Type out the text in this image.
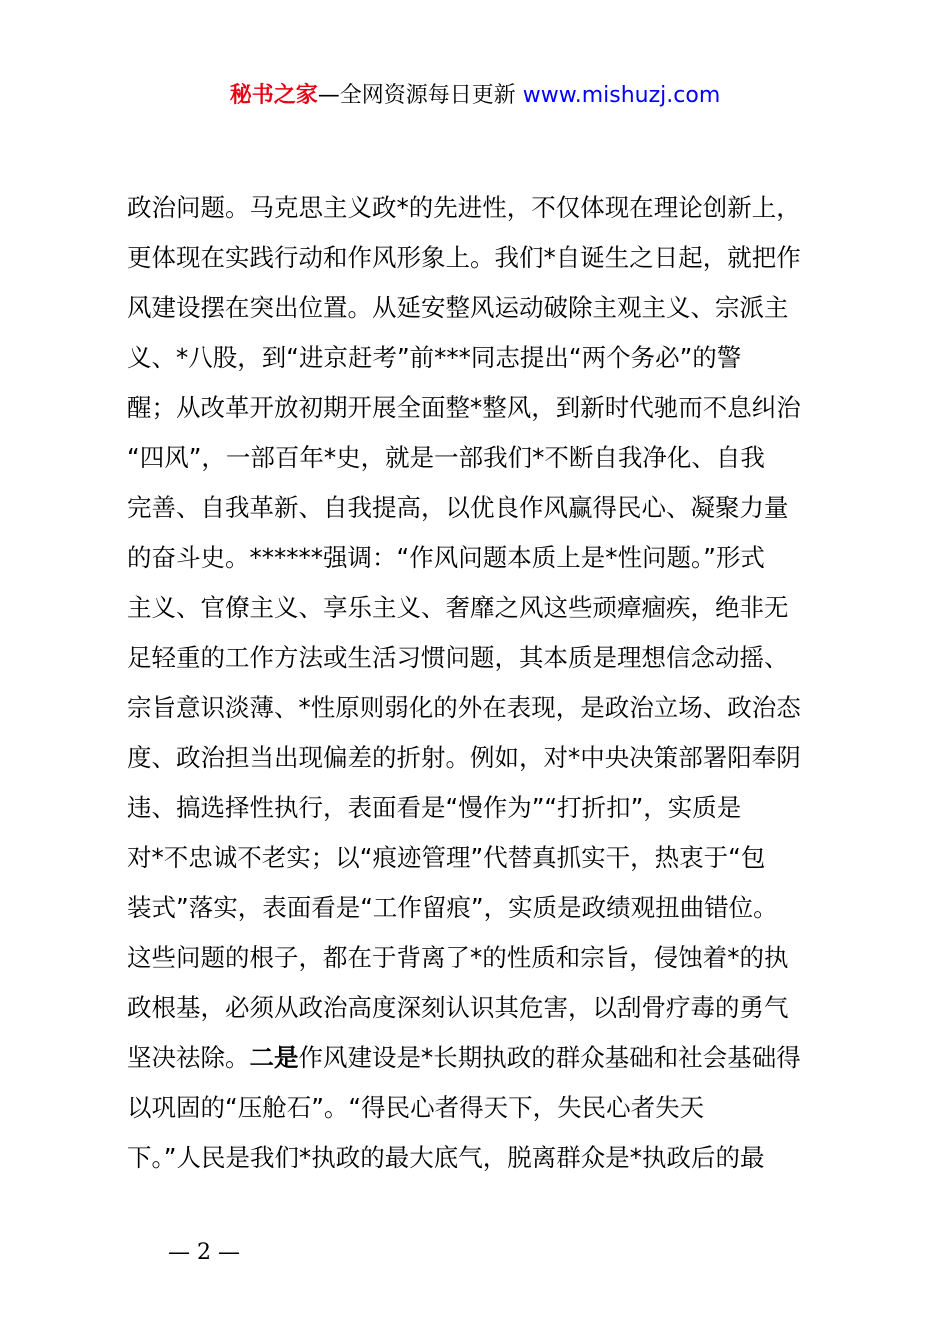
秘书之家—全网资源每日更新 www.mishuzj.com
政治问题。马克思主义政*的先进性，不仅体现在理论创新上，
更体现在实践行动和作风形象上。我们*自诞生之日起，就把作
风建设摆在突出位置。从延安整风运动破除主观主义、宗派主
义、*八股，到“进京赶考”前***同志提出“两个务必”的警
醒；从改革开放初期开展全面整*整风，到新时代驰而不息纠治
“四风”，一部百年*史，就是一部我们*不断自我净化、自我
完善、自我革新、自我提高，以优良作风赢得民心、凝聚力量
的奋斗史。******强调：“作风问题本质上是*性问题。”形式
主义、官僚主义、享乐主义、奢靡之风这些顽瘴痼疾，绝非无
足轻重的工作方法或生活习惯问题，其本质是理想信念动摇、
宗旨意识淡薄、*性原则弱化的外在表现，是政治立场、政治态
度、政治担当出现偏差的折射。例如，对*中央决策部署阳奉阴
违、搞选择性执行，表面看是“慢作为”“打折扣”，实质是
对*不忠诚不老实；以“痕迹管理”代替真抓实干，热衷于“包
装式”落实，表面看是“工作留痕”，实质是政绩观扭曲错位。
这些问题的根子，都在于背离了*的性质和宗旨，侵蚀着*的执
政根基，必须从政治高度深刻认识其危害，以刮骨疗毒的勇气
坚决祛除。二是作风建设是*长期执政的群众基础和社会基础得
以巩固的“压舱石”。“得民心者得天下，失民心者失天
下。”人民是我们*执政的最大底气，脱离群众是*执政后的最
— 2 —
